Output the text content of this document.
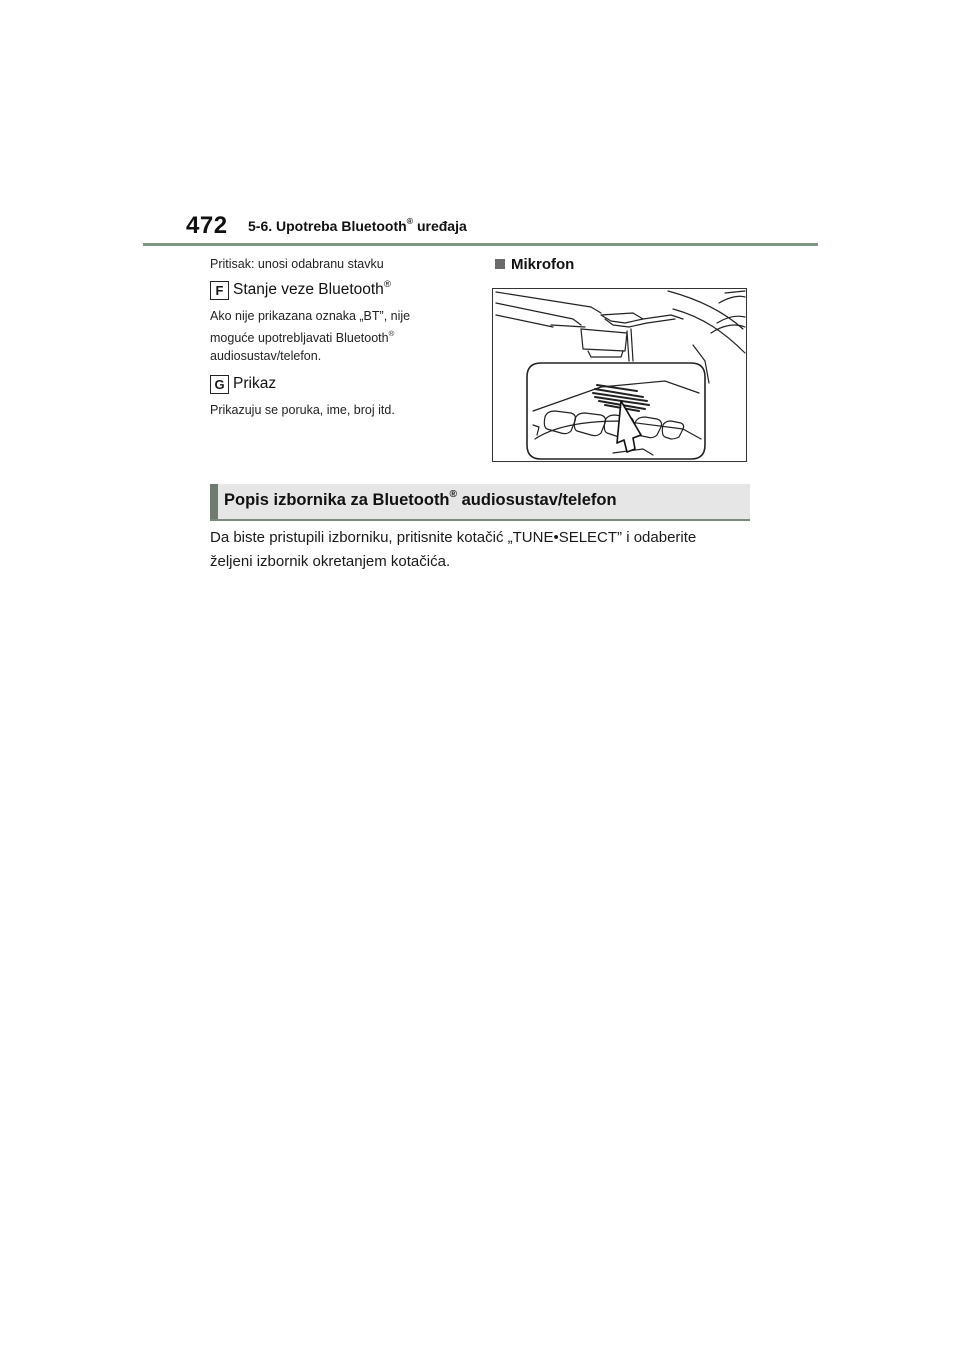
472 5-6. Upotreba Bluetooth® uređaja
Pritisak: unosi odabranu stavku
F Stanje veze Bluetooth®
Ako nije prikazana oznaka „BT”, nije
moguće upotrebljavati Bluetooth®
audiosustav/telefon.
G Prikaz
Prikazuju se poruka, ime, broj itd.
Mikrofon
Popis izbornika za Bluetooth® audiosustav/telefon
Da biste pristupili izborniku, pritisnite kotačić „TUNE•SELECT” i odaberite
željeni izbornik okretanjem kotačića.
